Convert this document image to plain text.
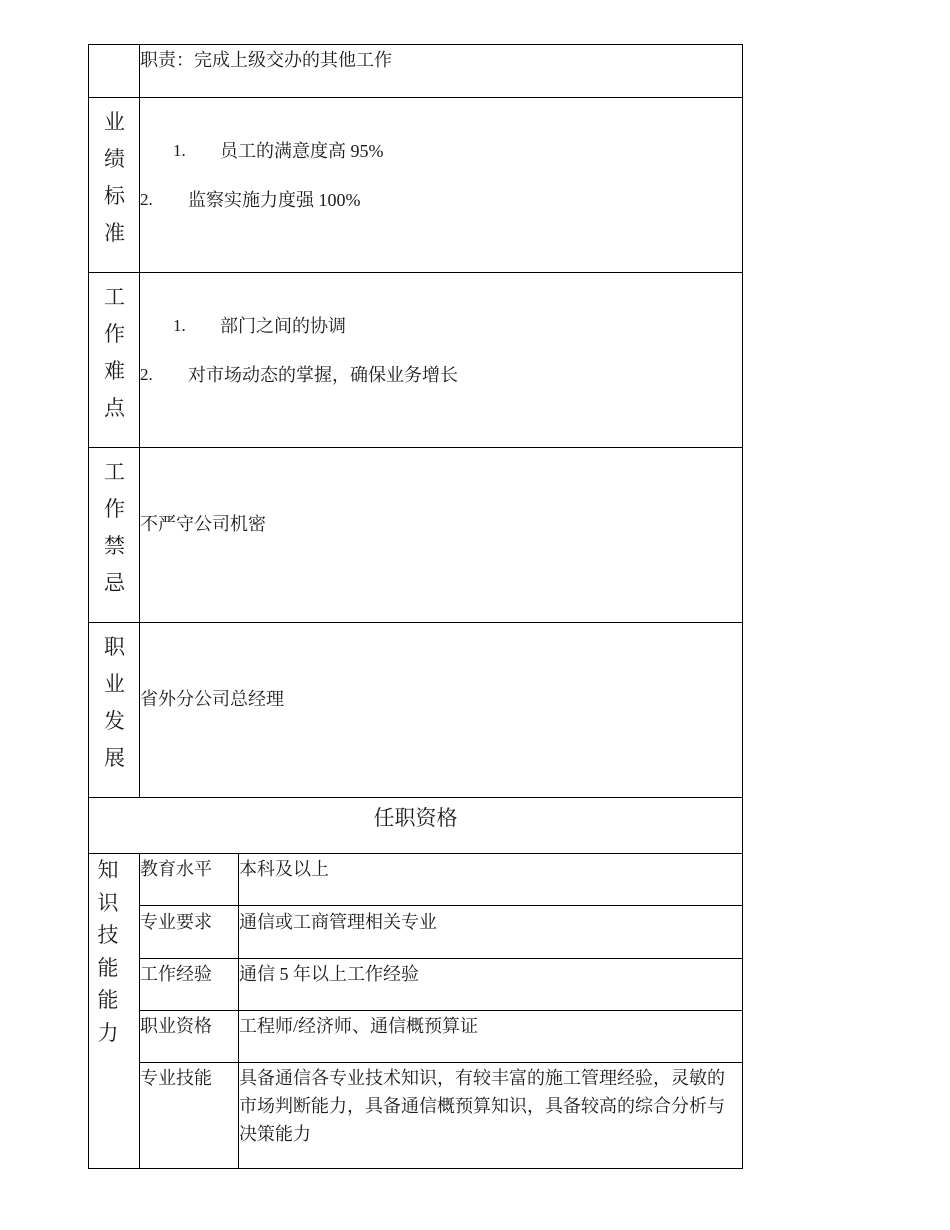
职责：完成上级交办的其他工作
业
绩
标
准
1. 员工的满意度高 95%
2. 监察实施力度强 100%
工
作
难
点
1. 部门之间的协调
2. 对市场动态的掌握，确保业务增长
工
作
禁
忌
不严守公司机密
职
业
发
展
省外分公司总经理
任职资格
知
识
技
能
能
力
教育水平 本科及以上
专业要求 通信或工商管理相关专业
工作经验 通信 5 年以上工作经验
职业资格 工程师/经济师、通信概预算证
专业技能 具备通信各专业技术知识，有较丰富的施工管理经验，灵敏的市场判断能力，具备通信概预算知识，具备较高的综合分析与决策能力
